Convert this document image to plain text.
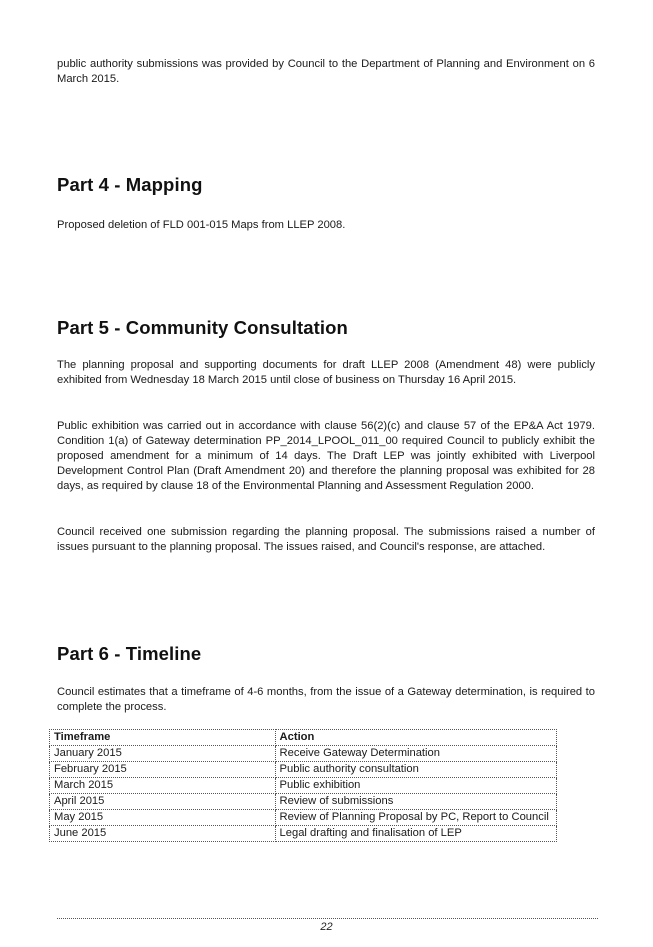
public authority submissions was provided by Council to the Department of Planning and Environment on 6 March 2015.

Part 4 - Mapping

Proposed deletion of FLD 001-015 Maps from LLEP 2008.

Part 5 - Community Consultation

The planning proposal and supporting documents for draft LLEP 2008 (Amendment 48) were publicly exhibited from Wednesday 18 March 2015 until close of business on Thursday 16 April 2015.

Public exhibition was carried out in accordance with clause 56(2)(c) and clause 57 of the EP&A Act 1979. Condition 1(a) of Gateway determination PP_2014_LPOOL_011_00 required Council to publicly exhibit the proposed amendment for a minimum of 14 days. The Draft LEP was jointly exhibited with Liverpool Development Control Plan (Draft Amendment 20) and therefore the planning proposal was exhibited for 28 days, as required by clause 18 of the Environmental Planning and Assessment Regulation 2000.

Council received one submission regarding the planning proposal. The submissions raised a number of issues pursuant to the planning proposal. The issues raised, and Council's response, are attached.

Part 6 - Timeline

Council estimates that a timeframe of 4-6 months, from the issue of a Gateway determination, is required to complete the process.

Timeframe	Action
January 2015	Receive Gateway Determination
February 2015	Public authority consultation
March 2015	Public exhibition
April 2015	Review of submissions
May 2015	Review of Planning Proposal by PC, Report to Council
June 2015	Legal drafting and finalisation of LEP
22
